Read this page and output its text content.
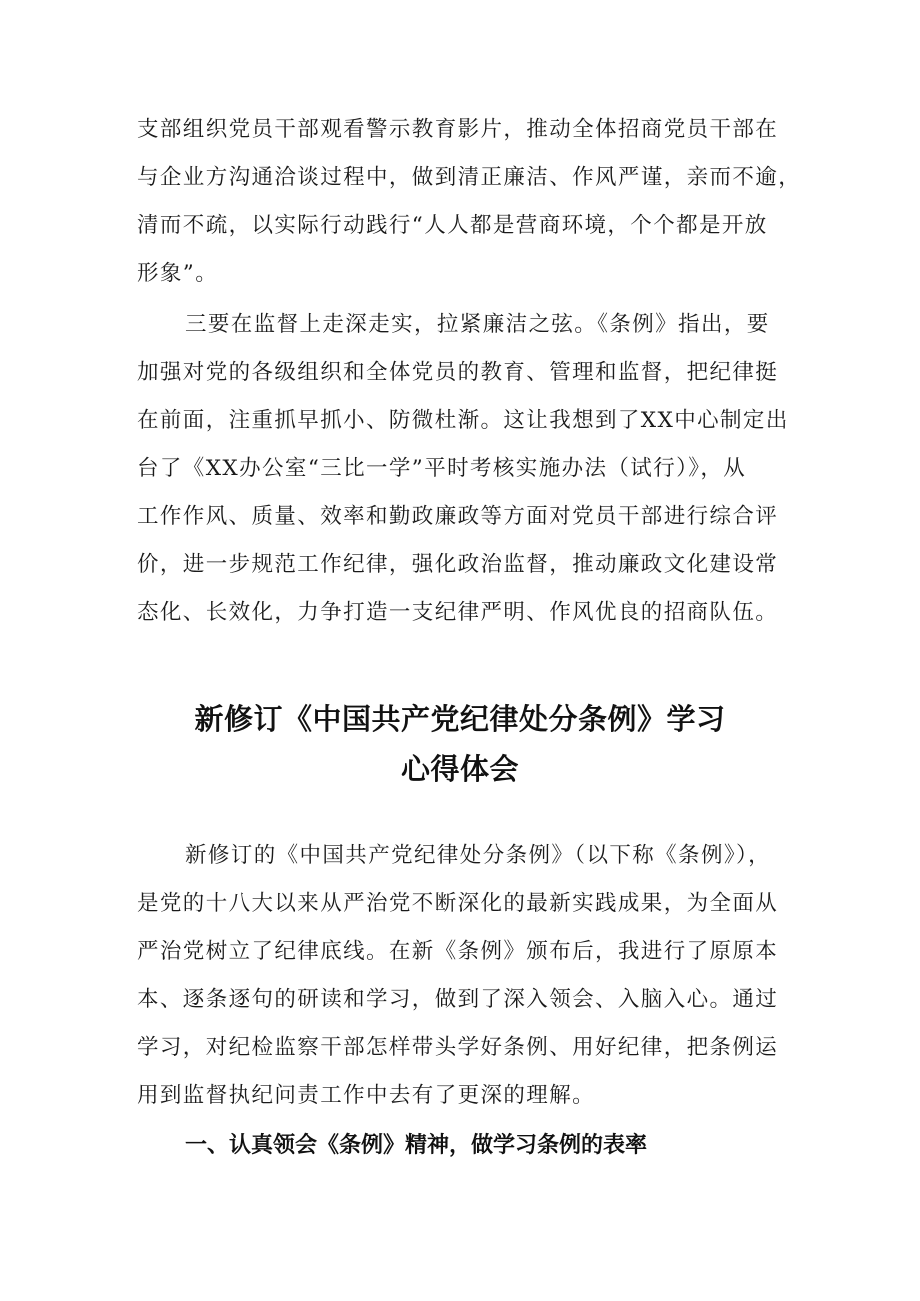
支部组织党员干部观看警示教育影片，推动全体招商党员干部在
与企业方沟通洽谈过程中，做到清正廉洁、作风严谨，亲而不逾，
清而不疏，以实际行动践行“人人都是营商环境，个个都是开放
形象”。
三要在监督上走深走实，拉紧廉洁之弦。《条例》指出，要
加强对党的各级组织和全体党员的教育、管理和监督，把纪律挺
在前面，注重抓早抓小、防微杜渐。这让我想到了XX中心制定出
台了《XX办公室“三比一学”平时考核实施办法（试行）》，从
工作作风、质量、效率和勤政廉政等方面对党员干部进行综合评
价，进一步规范工作纪律，强化政治监督，推动廉政文化建设常
态化、长效化，力争打造一支纪律严明、作风优良的招商队伍。
新修订《中国共产党纪律处分条例》学习
心得体会
新修订的《中国共产党纪律处分条例》（以下称《条例》），
是党的十八大以来从严治党不断深化的最新实践成果，为全面从
严治党树立了纪律底线。在新《条例》颁布后，我进行了原原本
本、逐条逐句的研读和学习，做到了深入领会、入脑入心。通过
学习，对纪检监察干部怎样带头学好条例、用好纪律，把条例运
用到监督执纪问责工作中去有了更深的理解。
一、认真领会《条例》精神，做学习条例的表率
